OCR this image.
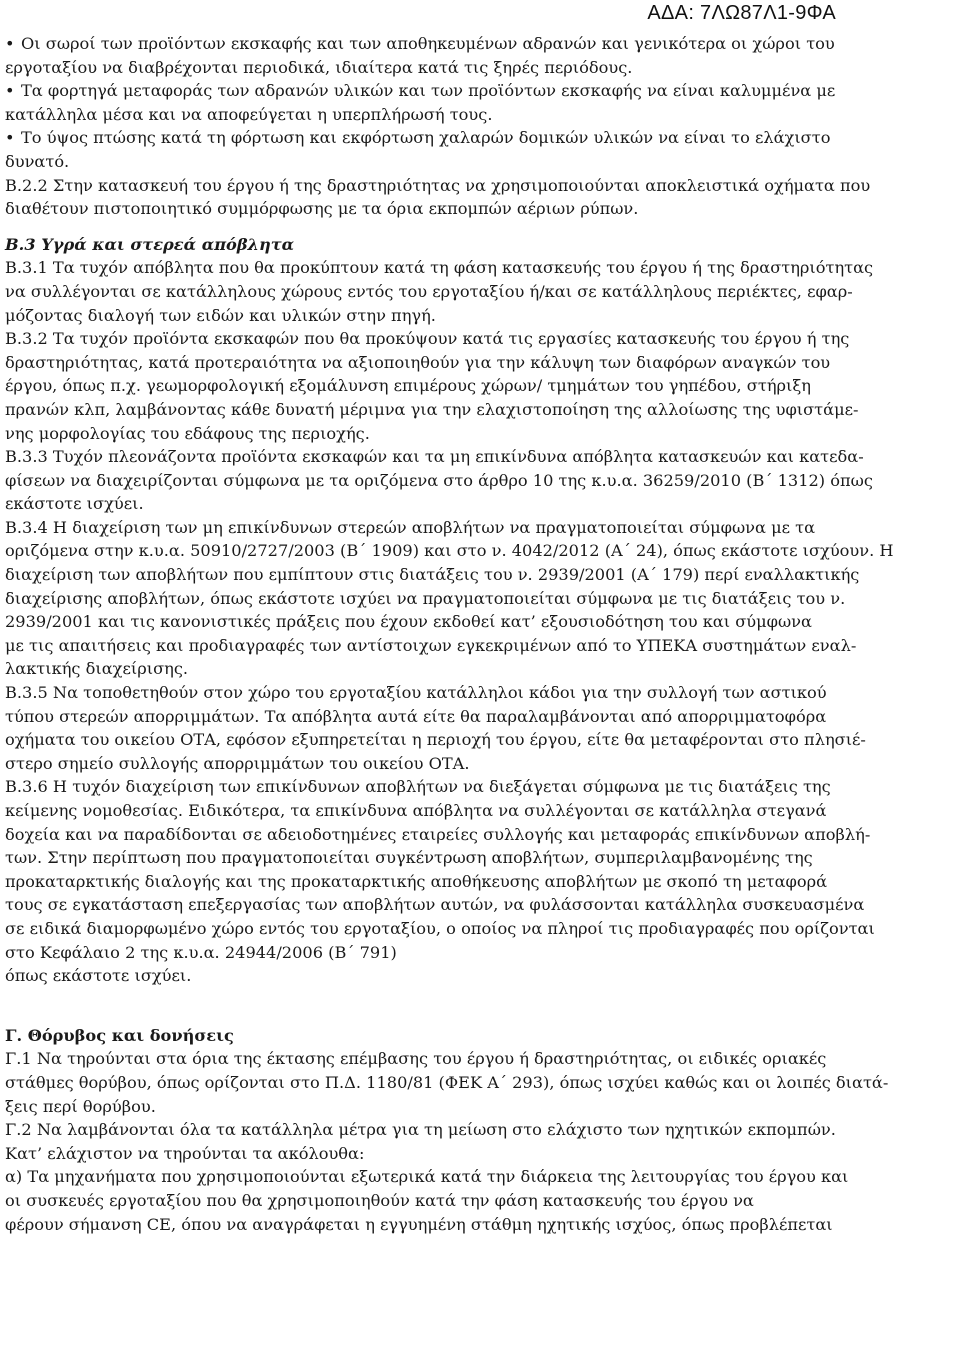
ΑΔΑ: 7ΛΩ87Λ1-9ΦΑ
• Οι σωροί των προϊόντων εκσκαφής και των αποθηκευμένων αδρανών και γενικότερα οι χώροι του
εργοταξίου να διαβρέχονται περιοδικά, ιδιαίτερα κατά τις ξηρές περιόδους.
• Τα φορτηγά μεταφοράς των αδρανών υλικών και των προϊόντων εκσκαφής να είναι καλυμμένα με
κατάλληλα μέσα και να αποφεύγεται η υπερπλήρωσή τους.
• Το ύψος πτώσης κατά τη φόρτωση και εκφόρτωση χαλαρών δομικών υλικών να είναι το ελάχιστο
δυνατό.
Β.2.2 Στην κατασκευή του έργου ή της δραστηριότητας να χρησιμοποιούνται αποκλειστικά οχήματα που
διαθέτουν πιστοποιητικό συμμόρφωσης με τα όρια εκπομπών αέριων ρύπων.
Β.3 Υγρά και στερεά απόβλητα
Β.3.1 Τα τυχόν απόβλητα που θα προκύπτουν κατά τη φάση κατασκευής του έργου ή της δραστηριότητας
να συλλέγονται σε κατάλληλους χώρους εντός του εργοταξίου ή/και σε κατάλληλους περιέκτες, εφαρ-
μόζοντας διαλογή των ειδών και υλικών στην πηγή.
Β.3.2 Τα τυχόν προϊόντα εκσκαφών που θα προκύψουν κατά τις εργασίες κατασκευής του έργου ή της
δραστηριότητας, κατά προτεραιότητα να αξιοποιηθούν για την κάλυψη των διαφόρων αναγκών του
έργου, όπως π.χ. γεωμορφολογική εξομάλυνση επιμέρους χώρων/ τμημάτων του γηπέδου, στήριξη
πρανών κλπ, λαμβάνοντας κάθε δυνατή μέριμνα για την ελαχιστοποίηση της αλλοίωσης της υφιστάμε-
νης μορφολογίας του εδάφους της περιοχής.
Β.3.3 Τυχόν πλεονάζοντα προϊόντα εκσκαφών και τα μη επικίνδυνα απόβλητα κατασκευών και κατεδα-
φίσεων να διαχειρίζονται σύμφωνα με τα οριζόμενα στο άρθρο 10 της κ.υ.α. 36259/2010 (Β΄ 1312) όπως
εκάστοτε ισχύει.
Β.3.4 Η διαχείριση των μη επικίνδυνων στερεών αποβλήτων να πραγματοποιείται σύμφωνα με τα
οριζόμενα στην κ.υ.α. 50910/2727/2003 (Β΄ 1909) και στο ν. 4042/2012 (Α΄ 24), όπως εκάστοτε ισχύουν. Η
διαχείριση των αποβλήτων που εμπίπτουν στις διατάξεις του ν. 2939/2001 (Α΄ 179) περί εναλλακτικής
διαχείρισης αποβλήτων, όπως εκάστοτε ισχύει να πραγματοποιείται σύμφωνα με τις διατάξεις του ν.
2939/2001 και τις κανονιστικές πράξεις που έχουν εκδοθεί κατ’ εξουσιοδότηση του και σύμφωνα
με τις απαιτήσεις και προδιαγραφές των αντίστοιχων εγκεκριμένων από το ΥΠΕΚΑ συστημάτων εναλ-
λακτικής διαχείρισης.
Β.3.5 Να τοποθετηθούν στον χώρο του εργοταξίου κατάλληλοι κάδοι για την συλλογή των αστικού
τύπου στερεών απορριμμάτων. Τα απόβλητα αυτά είτε θα παραλαμβάνονται από απορριμματοφόρα
οχήματα του οικείου ΟΤΑ, εφόσον εξυπηρετείται η περιοχή του έργου, είτε θα μεταφέρονται στο πλησιέ-
στερο σημείο συλλογής απορριμμάτων του οικείου ΟΤΑ.
Β.3.6 Η τυχόν διαχείριση των επικίνδυνων αποβλήτων να διεξάγεται σύμφωνα με τις διατάξεις της
κείμενης νομοθεσίας. Ειδικότερα, τα επικίνδυνα απόβλητα να συλλέγονται σε κατάλληλα στεγανά
δοχεία και να παραδίδονται σε αδειοδοτημένες εταιρείες συλλογής και μεταφοράς επικίνδυνων αποβλή-
των. Στην περίπτωση που πραγματοποιείται συγκέντρωση αποβλήτων, συμπεριλαμβανομένης της
προκαταρκτικής διαλογής και της προκαταρκτικής αποθήκευσης αποβλήτων με σκοπό τη μεταφορά
τους σε εγκατάσταση επεξεργασίας των αποβλήτων αυτών, να φυλάσσονται κατάλληλα συσκευασμένα
σε ειδικά διαμορφωμένο χώρο εντός του εργοταξίου, ο οποίος να πληροί τις προδιαγραφές που ορίζονται
στο Κεφάλαιο 2 της κ.υ.α. 24944/2006 (Β΄ 791)
όπως εκάστοτε ισχύει.
Γ. Θόρυβος και δονήσεις
Γ.1 Να τηρούνται στα όρια της έκτασης επέμβασης του έργου ή δραστηριότητας, οι ειδικές οριακές
στάθμες θορύβου, όπως ορίζονται στο Π.Δ. 1180/81 (ΦΕΚ Α΄ 293), όπως ισχύει καθώς και οι λοιπές διατά-
ξεις περί θορύβου.
Γ.2 Να λαμβάνονται όλα τα κατάλληλα μέτρα για τη μείωση στο ελάχιστο των ηχητικών εκπομπών.
Κατ’ ελάχιστον να τηρούνται τα ακόλουθα:
α) Τα μηχανήματα που χρησιμοποιούνται εξωτερικά κατά την διάρκεια της λειτουργίας του έργου και
οι συσκευές εργοταξίου που θα χρησιμοποιηθούν κατά την φάση κατασκευής του έργου να
φέρουν σήμανση CE, όπου να αναγράφεται η εγγυημένη στάθμη ηχητικής ισχύος, όπως προβλέπεται
